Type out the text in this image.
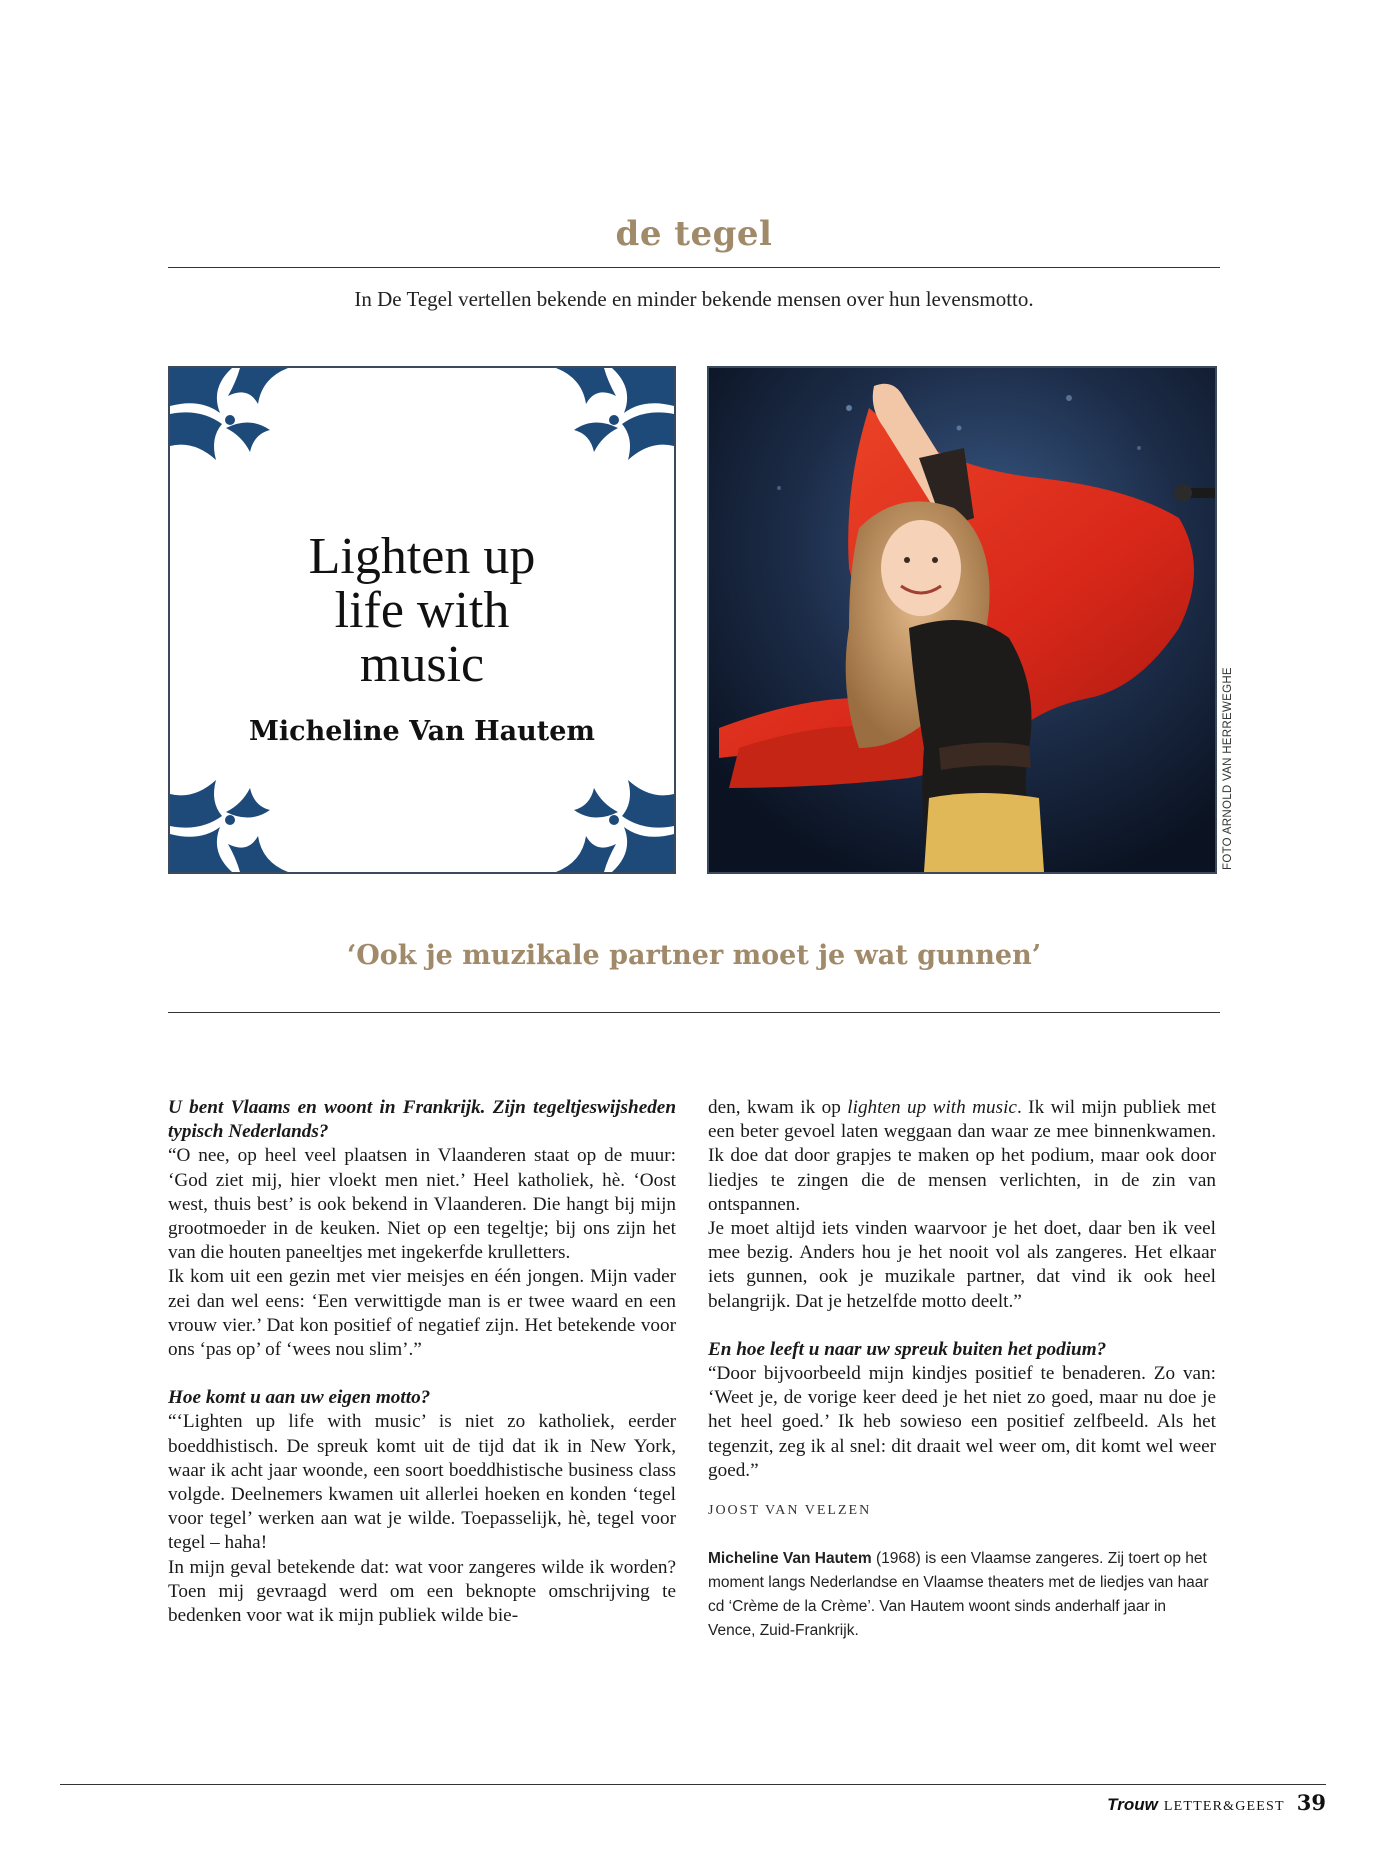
de tegel
In De Tegel vertellen bekende en minder bekende mensen over hun levensmotto.
Lighten up
life with
music
Micheline Van Hautem	FOTO ARNOLD VAN HERREWEGHE
‘Ook je muzikale partner moet je wat gunnen’

U bent Vlaams en woont in Frankrijk. Zijn tegeltjeswijsheden typisch Nederlands?

“O nee, op heel veel plaatsen in Vlaanderen staat op de muur: ‘God ziet mij, hier vloekt men niet.’ Heel katholiek, hè. ‘Oost west, thuis best’ is ook bekend in Vlaanderen. Die hangt bij mijn grootmoeder in de keuken. Niet op een tegeltje; bij ons zijn het van die houten paneeltjes met ingekerfde krulletters.

Ik kom uit een gezin met vier meisjes en één jongen. Mijn vader zei dan wel eens: ‘Een verwittigde man is er twee waard en een vrouw vier.’ Dat kon positief of negatief zijn. Het betekende voor ons ‘pas op’ of ‘wees nou slim’.”

Hoe komt u aan uw eigen motto?

“‘Lighten up life with music’ is niet zo katholiek, eerder boeddhistisch. De spreuk komt uit de tijd dat ik in New York, waar ik acht jaar woonde, een soort boeddhistische business class volgde. Deelnemers kwamen uit allerlei hoeken en konden ‘tegel voor tegel’ werken aan wat je wilde. Toepasselijk, hè, tegel voor tegel – haha!

In mijn geval betekende dat: wat voor zangeres wilde ik worden? Toen mij gevraagd werd om een beknopte omschrijving te bedenken voor wat ik mijn publiek wilde bie-

den, kwam ik op lighten up with music. Ik wil mijn publiek met een beter gevoel laten weggaan dan waar ze mee binnenkwamen. Ik doe dat door grapjes te maken op het podium, maar ook door liedjes te zingen die de mensen verlichten, in de zin van ontspannen.

Je moet altijd iets vinden waarvoor je het doet, daar ben ik veel mee bezig. Anders hou je het nooit vol als zangeres. Het elkaar iets gunnen, ook je muzikale partner, dat vind ik ook heel belangrijk. Dat je hetzelfde motto deelt.”

En hoe leeft u naar uw spreuk buiten het podium?

“Door bijvoorbeeld mijn kindjes positief te benaderen. Zo van: ‘Weet je, de vorige keer deed je het niet zo goed, maar nu doe je het heel goed.’ Ik heb sowieso een positief zelfbeeld. Als het tegenzit, zeg ik al snel: dit draait wel weer om, dit komt wel weer goed.”

JOOST VAN VELZEN
Micheline Van Hautem (1968) is een Vlaamse zangeres. Zij toert op het moment langs Nederlandse en Vlaamse theaters met de liedjes van haar cd ‘Crème de la Crème’. Van Hautem woont sinds anderhalf jaar in Vence, Zuid-Frankrijk.
Trouw LETTER&GEEST 39
